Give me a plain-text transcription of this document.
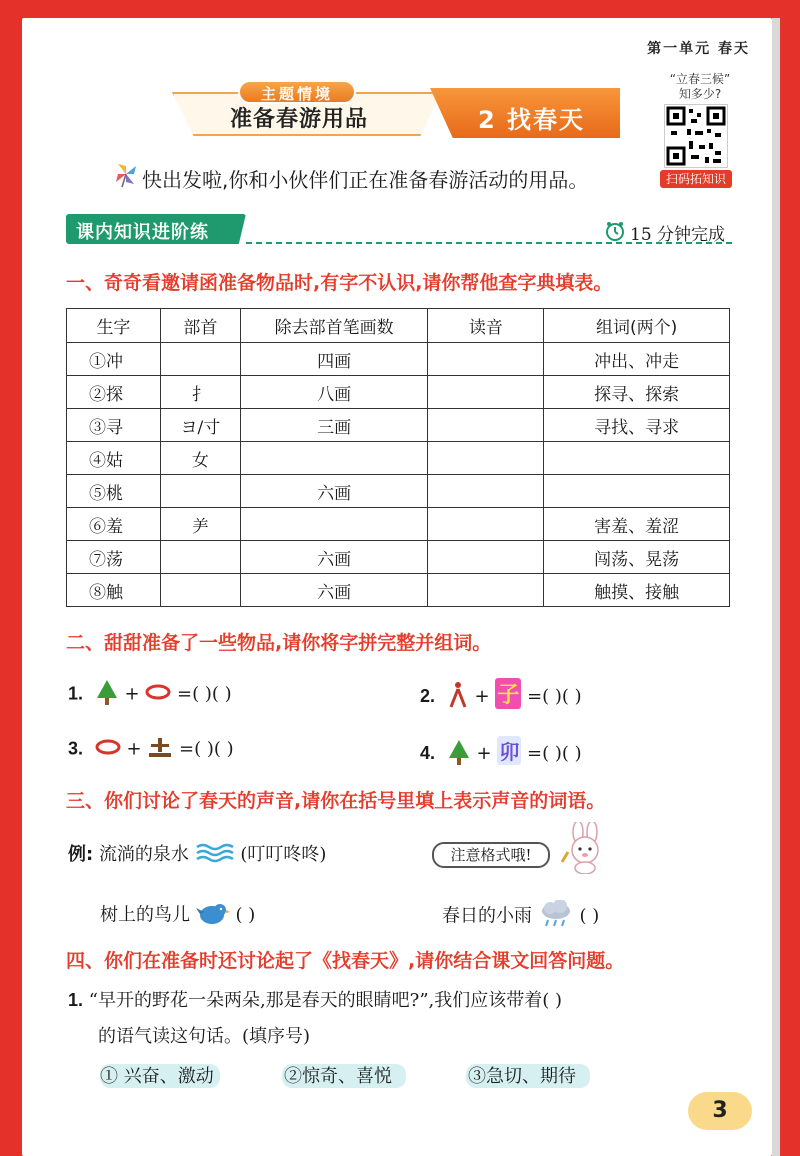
第一单元 春天
主题情境
准备春游用品	2 找春天
“立春三候”
知多少?
扫码拓知识
快出发啦,你和小伙伴们正在准备春游活动的用品。
课内知识进阶练	15 分钟完成
一、奇奇看邀请函准备物品时,有字不认识,请你帮他查字典填表。
生字	部首	除去部首笔画数	读音	组词(两个)
①冲		四画		冲出、冲走
②探	扌	八画		探寻、探索
③寻	ヨ/寸	三画		寻找、寻求
④姑	女			
⑤桃		六画		
⑥羞	⺶			害羞、羞涩
⑦荡		六画		闯荡、晃荡
⑧触		六画		触摸、接触
二、甜甜准备了一些物品,请你将字拼完整并组词。
1. + =( )( )	2. + 子 =( )( )
3. + =( )( )	4. + 卯 =( )( )
三、你们讨论了春天的声音,请你在括号里填上表示声音的词语。
例: 流淌的泉水	(叮叮咚咚)	注意格式哦!
树上的鸟儿	( )	春日的小雨	( )
四、你们在准备时还讨论起了《找春天》,请你结合课文回答问题。
1. “早开的野花一朵两朵,那是春天的眼睛吧?”,我们应该带着( )
的语气读这句话。(填序号)
① 兴奋、激动	②惊奇、喜悦	③急切、期待
3
